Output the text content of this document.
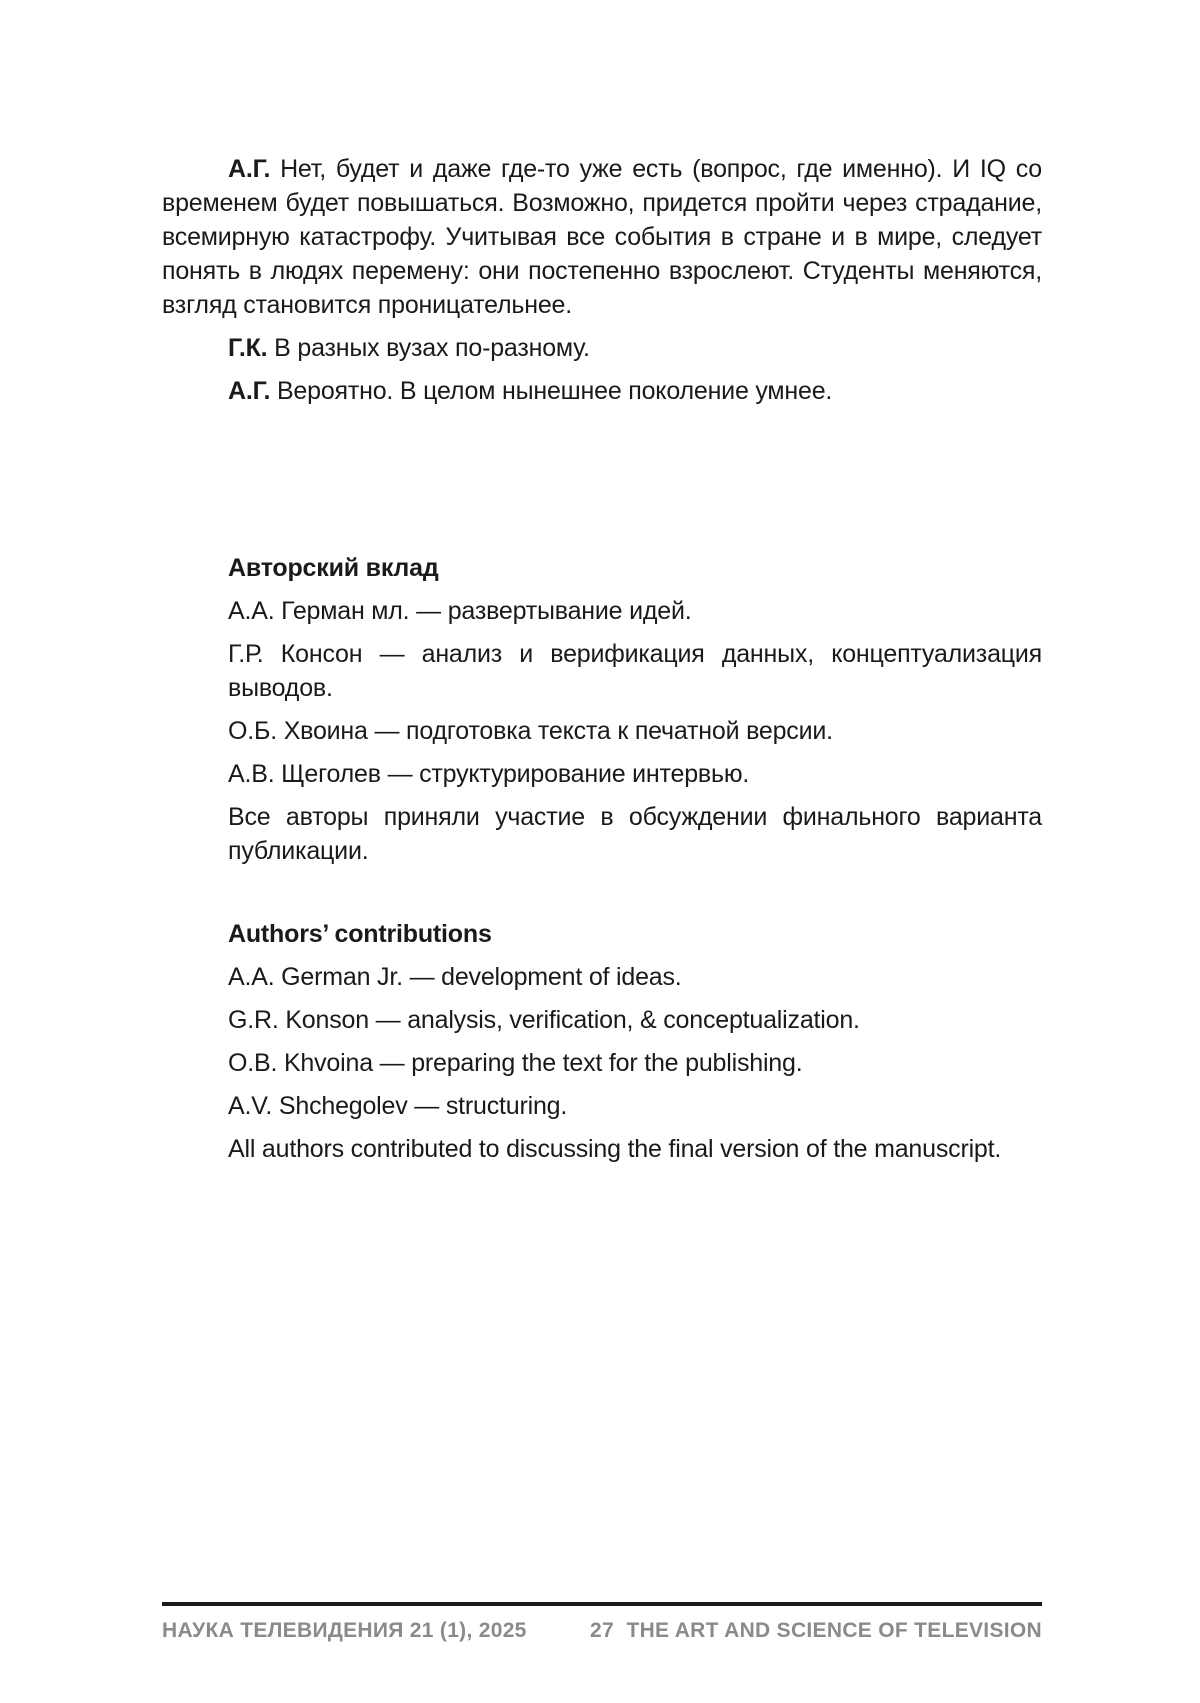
А.Г. Нет, будет и даже где-то уже есть (вопрос, где именно). И IQ со временем будет повышаться. Возможно, придется пройти через страдание, всемирную катастрофу. Учитывая все события в стране и в мире, следует понять в людях перемену: они постепенно взрослеют. Студенты меняются, взгляд становится проницательнее.

Г.К. В разных вузах по-разному.

А.Г. Вероятно. В целом нынешнее поколение умнее.

Авторский вклад

А.А. Герман мл. — развертывание идей.

Г.Р. Консон — анализ и верификация данных, концептуализация выводов.

О.Б. Хвоина — подготовка текста к печатной версии.

А.В. Щеголев — структурирование интервью.

Все авторы приняли участие в обсуждении финального варианта публикации.

Authors’ contributions

A.A. German Jr. — development of ideas.

G.R. Konson — analysis, verification, & conceptualization.

O.B. Khvoina — preparing the text for the publishing.

A.V. Shchegolev — structuring.

All authors contributed to discussing the final version of the manuscript.

НАУКА ТЕЛЕВИДЕНИЯ 21 (1), 2025	27 THE ART AND SCIENCE OF TELEVISION
